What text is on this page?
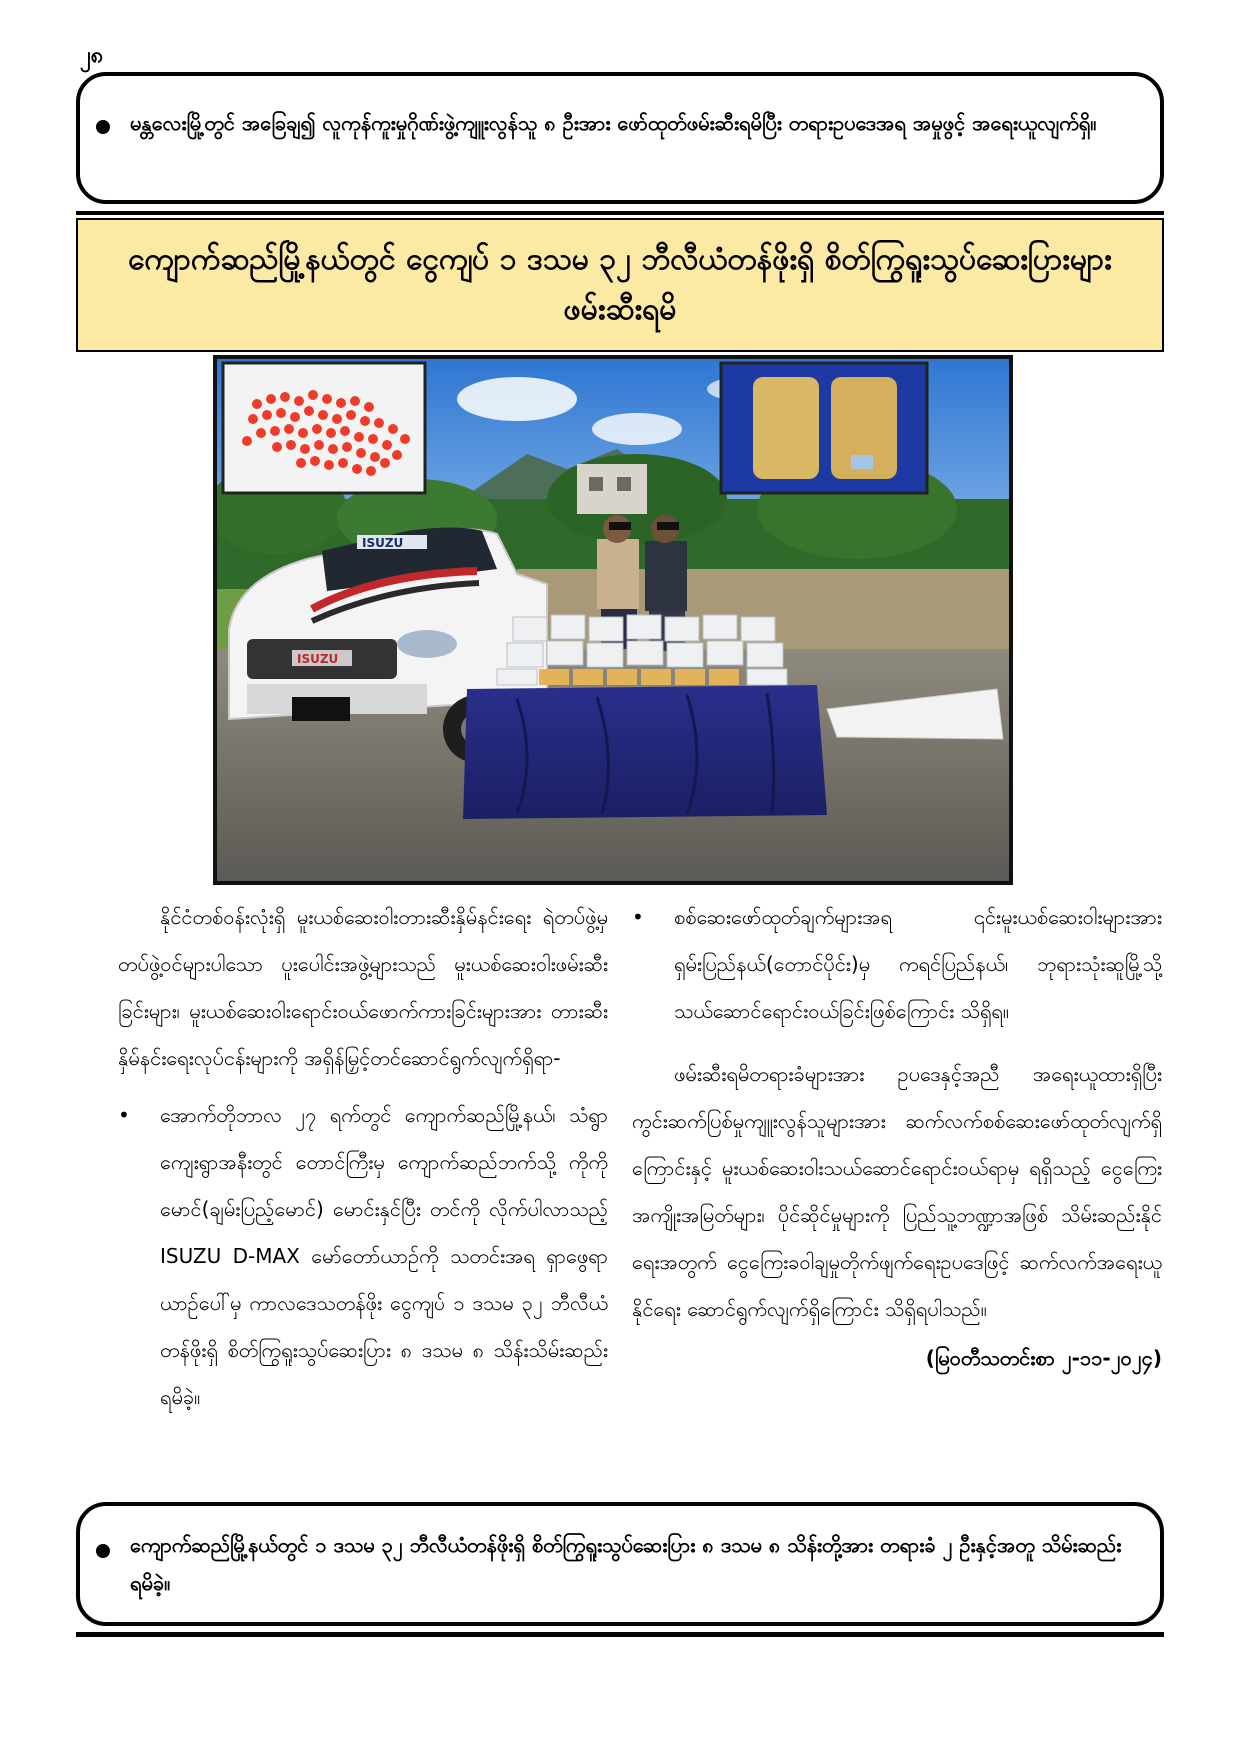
၂၈
မန္တလေးမြို့တွင် အခြေချ၍ လူကုန်ကူးမှုဂိုဏ်းဖွဲ့ကျူးလွန်သူ ၈ ဦးအား ဖော်ထုတ်ဖမ်းဆီးရမိပြီး တရားဥပဒေအရ အမှုဖွင့် အရေးယူလျက်ရှိ။
ကျောက်ဆည်မြို့နယ်တွင် ငွေကျပ် ၁ ဒသမ ၃၂ ဘီလီယံတန်ဖိုးရှိ စိတ်ကြွရူးသွပ်ဆေးပြားများ ဖမ်းဆီးရမိ
ISUZU
ISUZU

နိုင်ငံတစ်ဝန်းလုံးရှိ မူးယစ်ဆေးဝါးတားဆီးနှိမ်နင်းရေး ရဲတပ်ဖွဲ့မှ တပ်ဖွဲ့ဝင်များပါသော ပူးပေါင်းအဖွဲ့များသည် မူးယစ်ဆေးဝါးဖမ်းဆီးခြင်းများ၊ မူးယစ်ဆေးဝါးရောင်းဝယ်ဖောက်ကားခြင်းများအား တားဆီးနှိမ်နင်းရေးလုပ်ငန်းများကို အရှိန်မြှင့်တင်ဆောင်ရွက်လျက်ရှိရာ-

• အောက်တိုဘာလ ၂၇ ရက်တွင် ကျောက်ဆည်မြို့နယ်၊ သံရွာကျေးရွာအနီးတွင် တောင်ကြီးမှ ကျောက်ဆည်ဘက်သို့ ကိုကိုမောင်(ချမ်းပြည့်မောင်) မောင်းနှင်ပြီး တင်ကို လိုက်ပါလာသည့် ISUZU D-MAX မော်တော်ယာဉ်ကို သတင်းအရ ရှာဖွေရာ ယာဉ်ပေါ်မှ ကာလဒေသတန်ဖိုး ငွေကျပ် ၁ ဒသမ ၃၂ ဘီလီယံတန်ဖိုးရှိ စိတ်ကြွရူးသွပ်ဆေးပြား ၈ ဒသမ ၈ သိန်းသိမ်းဆည်း ရမိခဲ့။
• စစ်ဆေးဖော်ထုတ်ချက်များအရ ၎င်းမူးယစ်ဆေးဝါးများအား ရှမ်းပြည်နယ်(တောင်ပိုင်း)မှ ကရင်ပြည်နယ်၊ ဘုရားသုံးဆူမြို့သို့ သယ်ဆောင်ရောင်းဝယ်ခြင်းဖြစ်ကြောင်း သိရှိရ။

ဖမ်းဆီးရမိတရားခံများအား ဥပဒေနှင့်အညီ အရေးယူထားရှိပြီး ကွင်းဆက်ပြစ်မှုကျူးလွန်သူများအား ဆက်လက်စစ်ဆေးဖော်ထုတ်လျက်ရှိကြောင်းနှင့် မူးယစ်ဆေးဝါးသယ်ဆောင်ရောင်းဝယ်ရာမှ ရရှိသည့် ငွေကြေးအကျိုးအမြတ်များ၊ ပိုင်ဆိုင်မှုများကို ပြည်သူ့ဘဏ္ဍာအဖြစ် သိမ်းဆည်းနိုင်ရေးအတွက် ငွေကြေးခဝါချမှုတိုက်ဖျက်ရေးဥပဒေဖြင့် ဆက်လက်အရေးယူနိုင်ရေး ဆောင်ရွက်လျက်ရှိကြောင်း သိရှိရပါသည်။

(မြဝတီသတင်းစာ ၂-၁၁-၂၀၂၄)
ကျောက်ဆည်မြို့နယ်တွင် ၁ ဒသမ ၃၂ ဘီလီယံတန်ဖိုးရှိ စိတ်ကြွရူးသွပ်ဆေးပြား ၈ ဒသမ ၈ သိန်းတို့အား တရားခံ ၂ ဦးနှင့်အတူ သိမ်းဆည်းရမိခဲ့။
